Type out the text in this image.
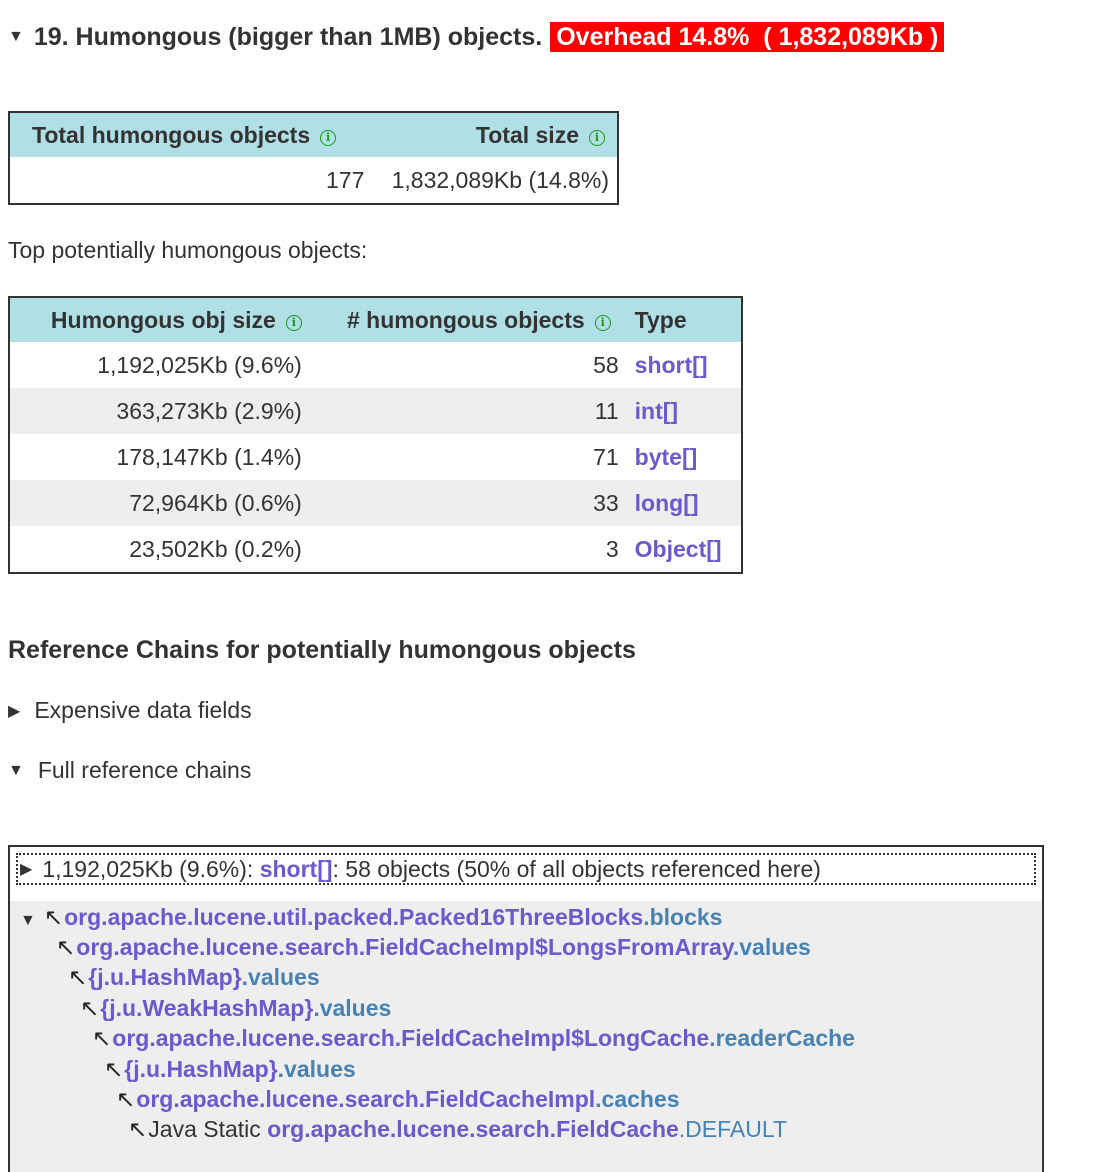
▼ 19. Humongous (bigger than 1MB) objects. Overhead 14.8%  ( 1,832,089Kb )
Total humongous objects i	Total size i
177	1,832,089Kb (14.8%)
Top potentially humongous objects:
Humongous obj size i	# humongous objects i	Type
1,192,025Kb (9.6%)	58	short[]
363,273Kb (2.9%)	11	int[]
178,147Kb (1.4%)	71	byte[]
72,964Kb (0.6%)	33	long[]
23,502Kb (0.2%)	3	Object[]
Reference Chains for potentially humongous objects
▶ Expensive data fields
▼ Full reference chains
▶ 1,192,025Kb (9.6%): short[] : 58 objects (50% of all objects referenced here)
▼ ↖org.apache.lucene.util.packed.Packed16ThreeBlocks.blocks
↖org.apache.lucene.search.FieldCacheImpl$LongsFromArray.values
↖{j.u.HashMap}.values
↖{j.u.WeakHashMap}.values
↖org.apache.lucene.search.FieldCacheImpl$LongCache.readerCache
↖{j.u.HashMap}.values
↖org.apache.lucene.search.FieldCacheImpl.caches
↖Java Static org.apache.lucene.search.FieldCache.DEFAULT
